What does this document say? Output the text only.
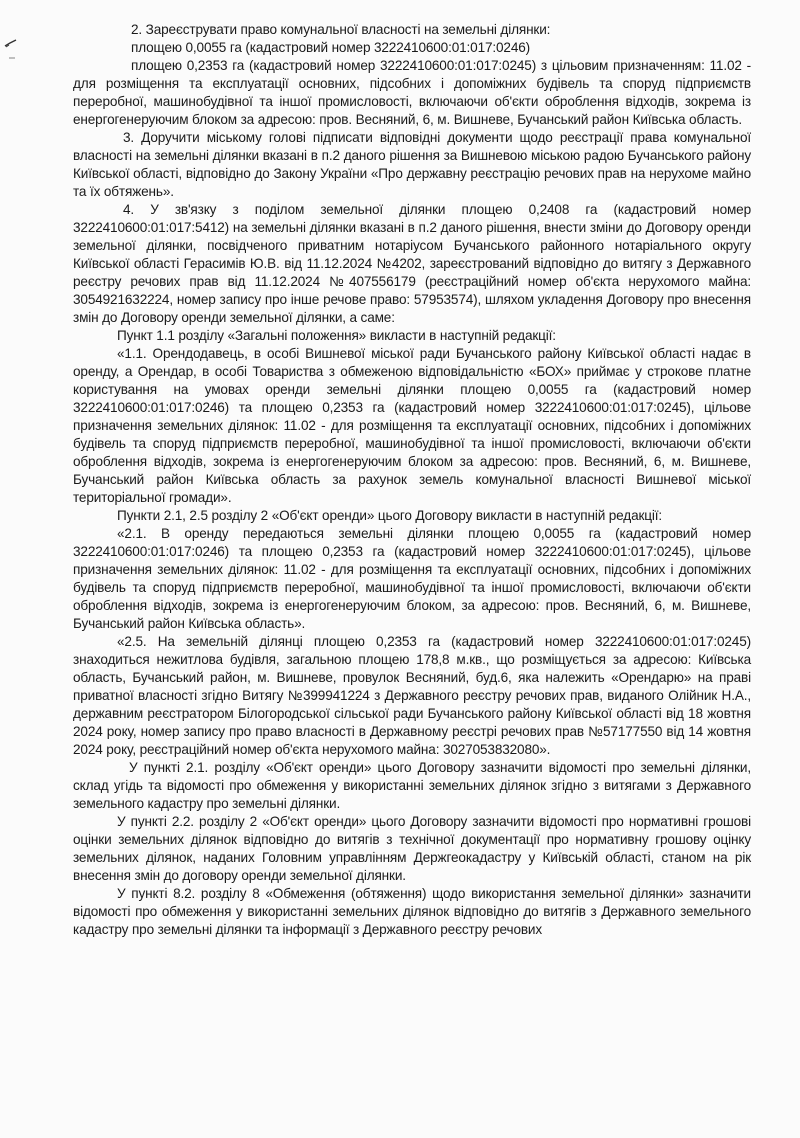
2. Зареєструвати право комунальної власності на земельні ділянки:

площею 0,0055 га (кадастровий номер 3222410600:01:017:0246)

площею 0,2353 га (кадастровий номер 3222410600:01:017:0245) з цільовим призначенням: 11.02 - для розміщення та експлуатації основних, підсобних і допоміжних будівель та споруд підприємств переробної, машинобудівної та іншої промисловості, включаючи об'єкти оброблення відходів, зокрема із енергогенеруючим блоком за адресою: пров. Весняний, 6, м. Вишневе, Бучанський район Київська область.

3. Доручити міському голові підписати відповідні документи щодо реєстрації права комунальної власності на земельні ділянки вказані в п.2 даного рішення за Вишневою міською радою Бучанського району Київської області, відповідно до Закону України «Про державну реєстрацію речових прав на нерухоме майно та їх обтяжень».

4. У зв'язку з поділом земельної ділянки площею 0,2408 га (кадастровий номер 3222410600:01:017:5412) на земельні ділянки вказані в п.2 даного рішення, внести зміни до Договору оренди земельної ділянки, посвідченого приватним нотаріусом Бучанського районного нотаріального округу Київської області Герасимів Ю.В. від 11.12.2024 №4202, зареєстрований відповідно до витягу з Державного реєстру речових прав від 11.12.2024 №407556179 (реєстраційний номер об'єкта нерухомого майна: 3054921632224, номер запису про інше речове право: 57953574), шляхом укладення Договору про внесення змін до Договору оренди земельної ділянки, а саме:

Пункт 1.1 розділу «Загальні положення» викласти в наступній редакції:

«1.1. Орендодавець, в особі Вишневої міської ради Бучанського району Київської області надає в оренду, а Орендар, в особі Товариства з обмеженою відповідальністю «БОХ» приймає у строкове платне користування на умовах оренди земельні ділянки площею 0,0055 га (кадастровий номер 3222410600:01:017:0246) та площею 0,2353 га (кадастровий номер 3222410600:01:017:0245), цільове призначення земельних ділянок: 11.02 - для розміщення та експлуатації основних, підсобних і допоміжних будівель та споруд підприємств переробної, машинобудівної та іншої промисловості, включаючи об'єкти оброблення відходів, зокрема із енергогенеруючим блоком за адресою: пров. Весняний, 6, м. Вишневе, Бучанський район Київська область за рахунок земель комунальної власності Вишневої міської територіальної громади».

Пункти 2.1, 2.5 розділу 2 «Об'єкт оренди» цього Договору викласти в наступній редакції:

«2.1. В оренду передаються земельні ділянки площею 0,0055 га (кадастровий номер 3222410600:01:017:0246) та площею 0,2353 га (кадастровий номер 3222410600:01:017:0245), цільове призначення земельних ділянок: 11.02 - для розміщення та експлуатації основних, підсобних і допоміжних будівель та споруд підприємств переробної, машинобудівної та іншої промисловості, включаючи об'єкти оброблення відходів, зокрема із енергогенеруючим блоком, за адресою: пров. Весняний, 6, м. Вишневе, Бучанський район Київська область».

«2.5. На земельній ділянці площею 0,2353 га (кадастровий номер 3222410600:01:017:0245) знаходиться нежитлова будівля, загальною площею 178,8 м.кв., що розміщується за адресою: Київська область, Бучанський район, м. Вишневе, провулок Весняний, буд.6, яка належить «Орендарю» на праві приватної власності згідно Витягу №399941224 з Державного реєстру речових прав, виданого Олійник Н.А., державним реєстратором Білогородської сільської ради Бучанського району Київської області від 18 жовтня 2024 року, номер запису про право власності в Державному реєстрі речових прав №57177550 від 14 жовтня 2024 року, реєстраційний номер об'єкта нерухомого майна: 3027053832080».

У пункті 2.1. розділу «Об'єкт оренди» цього Договору зазначити відомості про земельні ділянки, склад угідь та відомості про обмеження у використанні земельних ділянок згідно з витягами з Державного земельного кадастру про земельні ділянки.

У пункті 2.2. розділу 2 «Об'єкт оренди» цього Договору зазначити відомості про нормативні грошові оцінки земельних ділянок відповідно до витягів з технічної документації про нормативну грошову оцінку земельних ділянок, наданих Головним управлінням Держгеокадастру у Київській області, станом на рік внесення змін до договору оренди земельної ділянки.

У пункті 8.2. розділу 8 «Обмеження (обтяження) щодо використання земельної ділянки» зазначити відомості про обмеження у використанні земельних ділянок відповідно до витягів з Державного земельного кадастру про земельні ділянки та інформації з Державного реєстру речових
